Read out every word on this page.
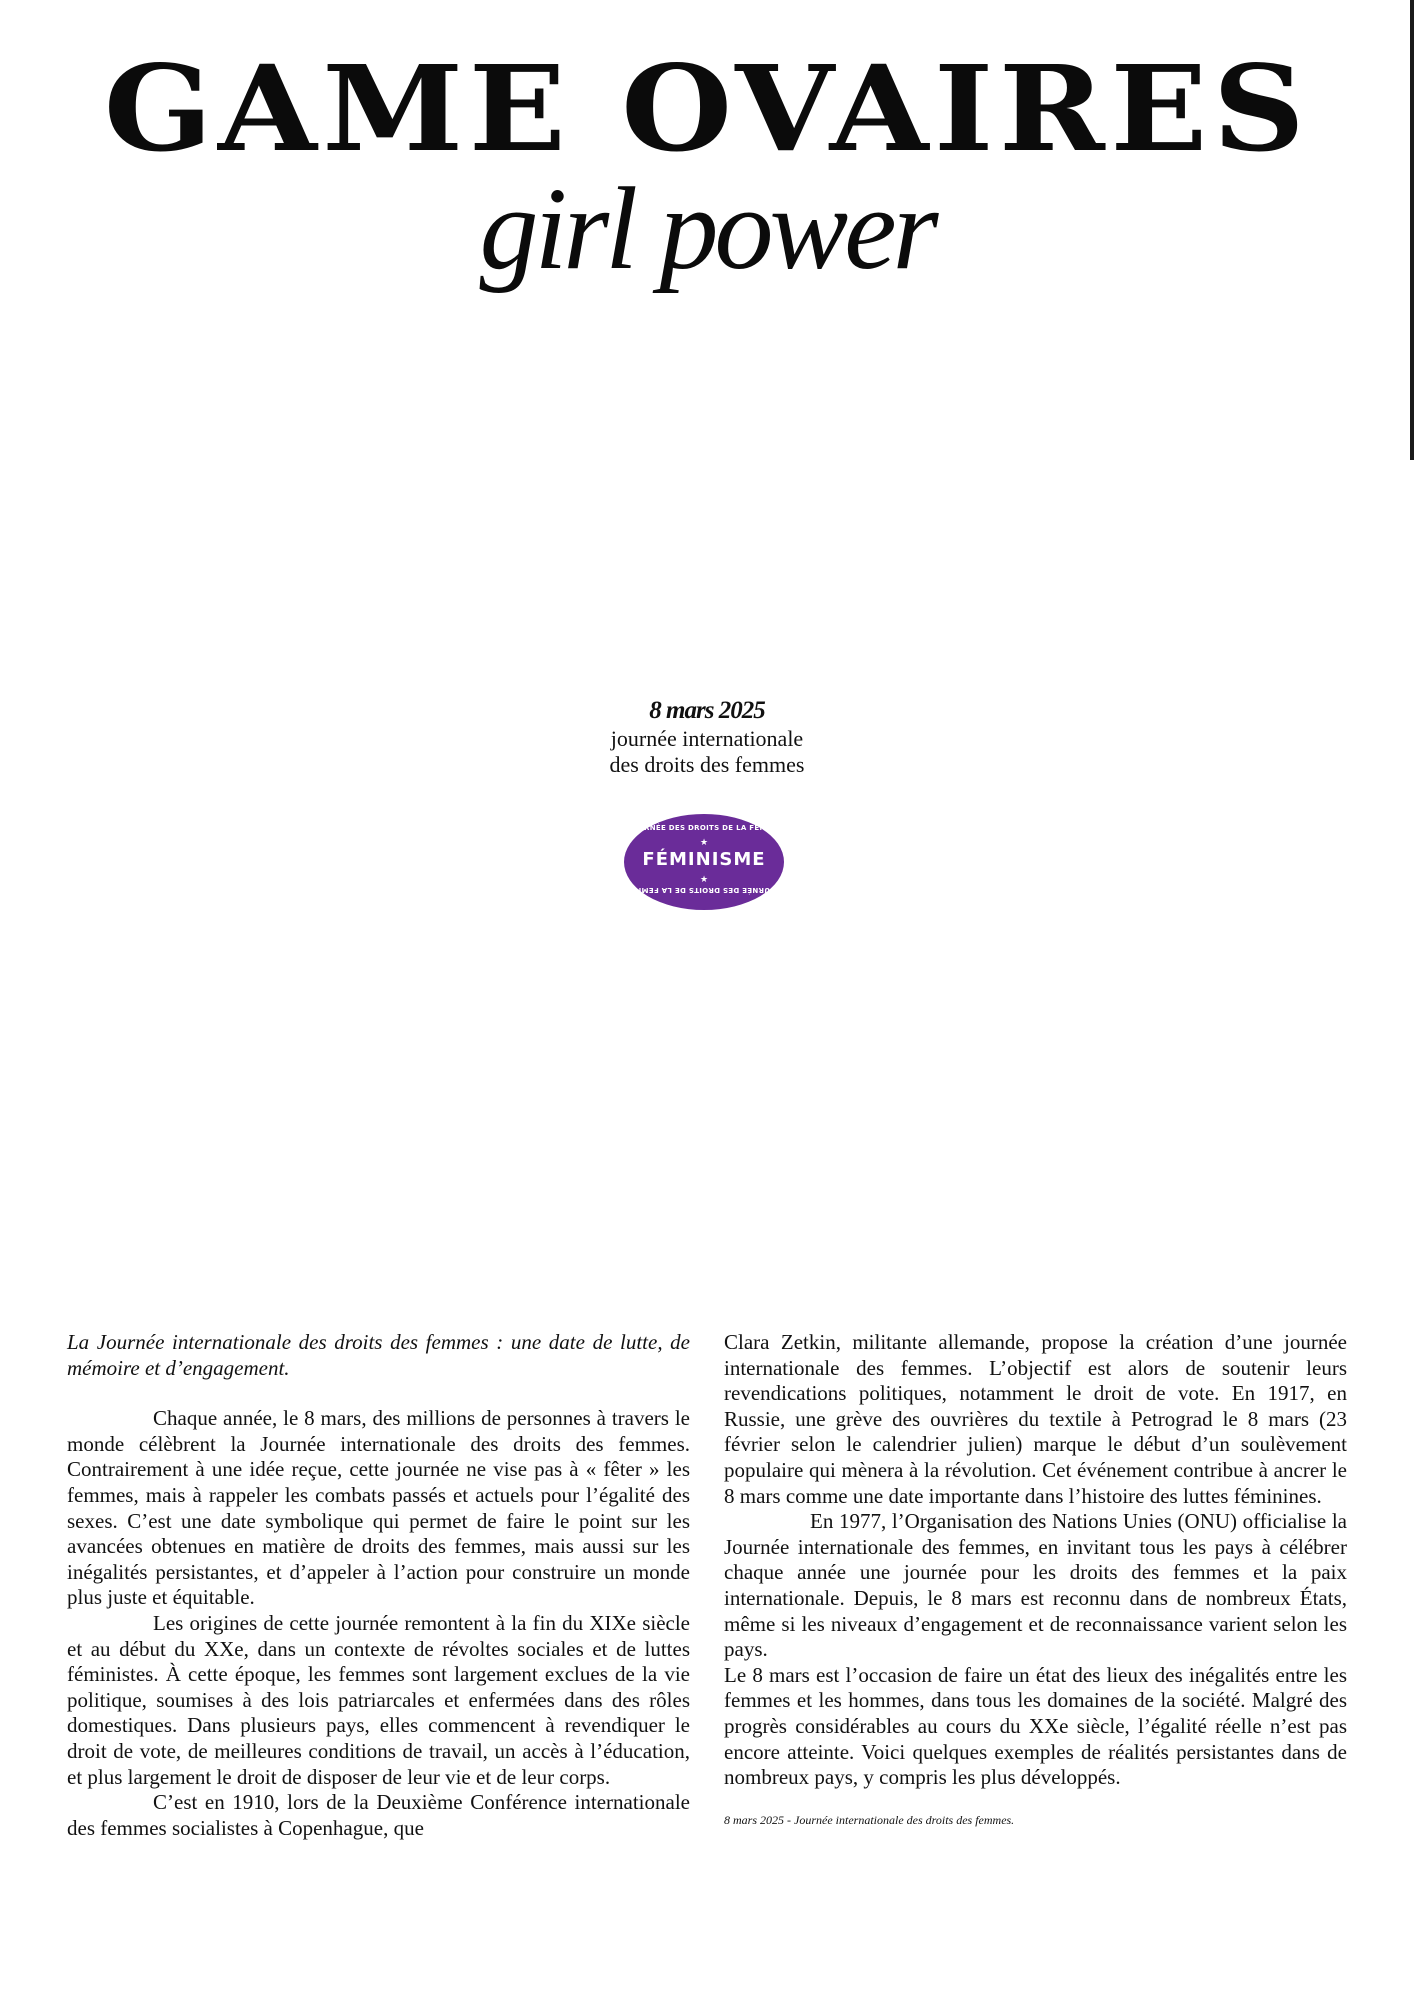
GAME OVAIRES
girl power
8 mars 2025
journée internationale
des droits des femmes
JOURNÉE DES DROITS DE LA FEMME
★
FÉMINISME
★
JOURNÉE DES DROITS DE LA FEMME

La Journée internationale des droits des femmes : une date de lutte, de mémoire et d’engagement.

Chaque année, le 8 mars, des millions de personnes à travers le monde célèbrent la Journée internationale des droits des femmes. Contrairement à une idée reçue, cette journée ne vise pas à « fêter » les femmes, mais à rappeler les combats passés et actuels pour l’égalité des sexes. C’est une date symbolique qui permet de faire le point sur les avancées obtenues en matière de droits des femmes, mais aussi sur les inégalités persistantes, et d’appeler à l’action pour construire un monde plus juste et équitable.

Les origines de cette journée remontent à la fin du XIXe siècle et au début du XXe, dans un contexte de révoltes sociales et de luttes féministes. À cette époque, les femmes sont largement exclues de la vie politique, soumises à des lois patriarcales et enfermées dans des rôles domestiques. Dans plusieurs pays, elles commencent à revendiquer le droit de vote, de meilleures conditions de travail, un accès à l’éducation, et plus largement le droit de disposer de leur vie et de leur corps.

C’est en 1910, lors de la Deuxième Conférence internationale des femmes socialistes à Copenhague, que

Clara Zetkin, militante allemande, propose la création d’une journée internationale des femmes. L’objectif est alors de soutenir leurs revendications politiques, notamment le droit de vote. En 1917, en Russie, une grève des ouvrières du textile à Petrograd le 8 mars (23 février selon le calendrier julien) marque le début d’un soulèvement populaire qui mènera à la révolution. Cet événement contribue à ancrer le 8 mars comme une date importante dans l’histoire des luttes féminines.

En 1977, l’Organisation des Nations Unies (ONU) officialise la Journée internationale des femmes, en invitant tous les pays à célébrer chaque année une journée pour les droits des femmes et la paix internationale. Depuis, le 8 mars est reconnu dans de nombreux États, même si les niveaux d’engagement et de reconnaissance varient selon les pays.

Le 8 mars est l’occasion de faire un état des lieux des inégalités entre les femmes et les hommes, dans tous les domaines de la société. Malgré des progrès considérables au cours du XXe siècle, l’égalité réelle n’est pas encore atteinte. Voici quelques exemples de réalités persistantes dans de nombreux pays, y compris les plus développés.

8 mars 2025 - Journée internationale des droits des femmes.
